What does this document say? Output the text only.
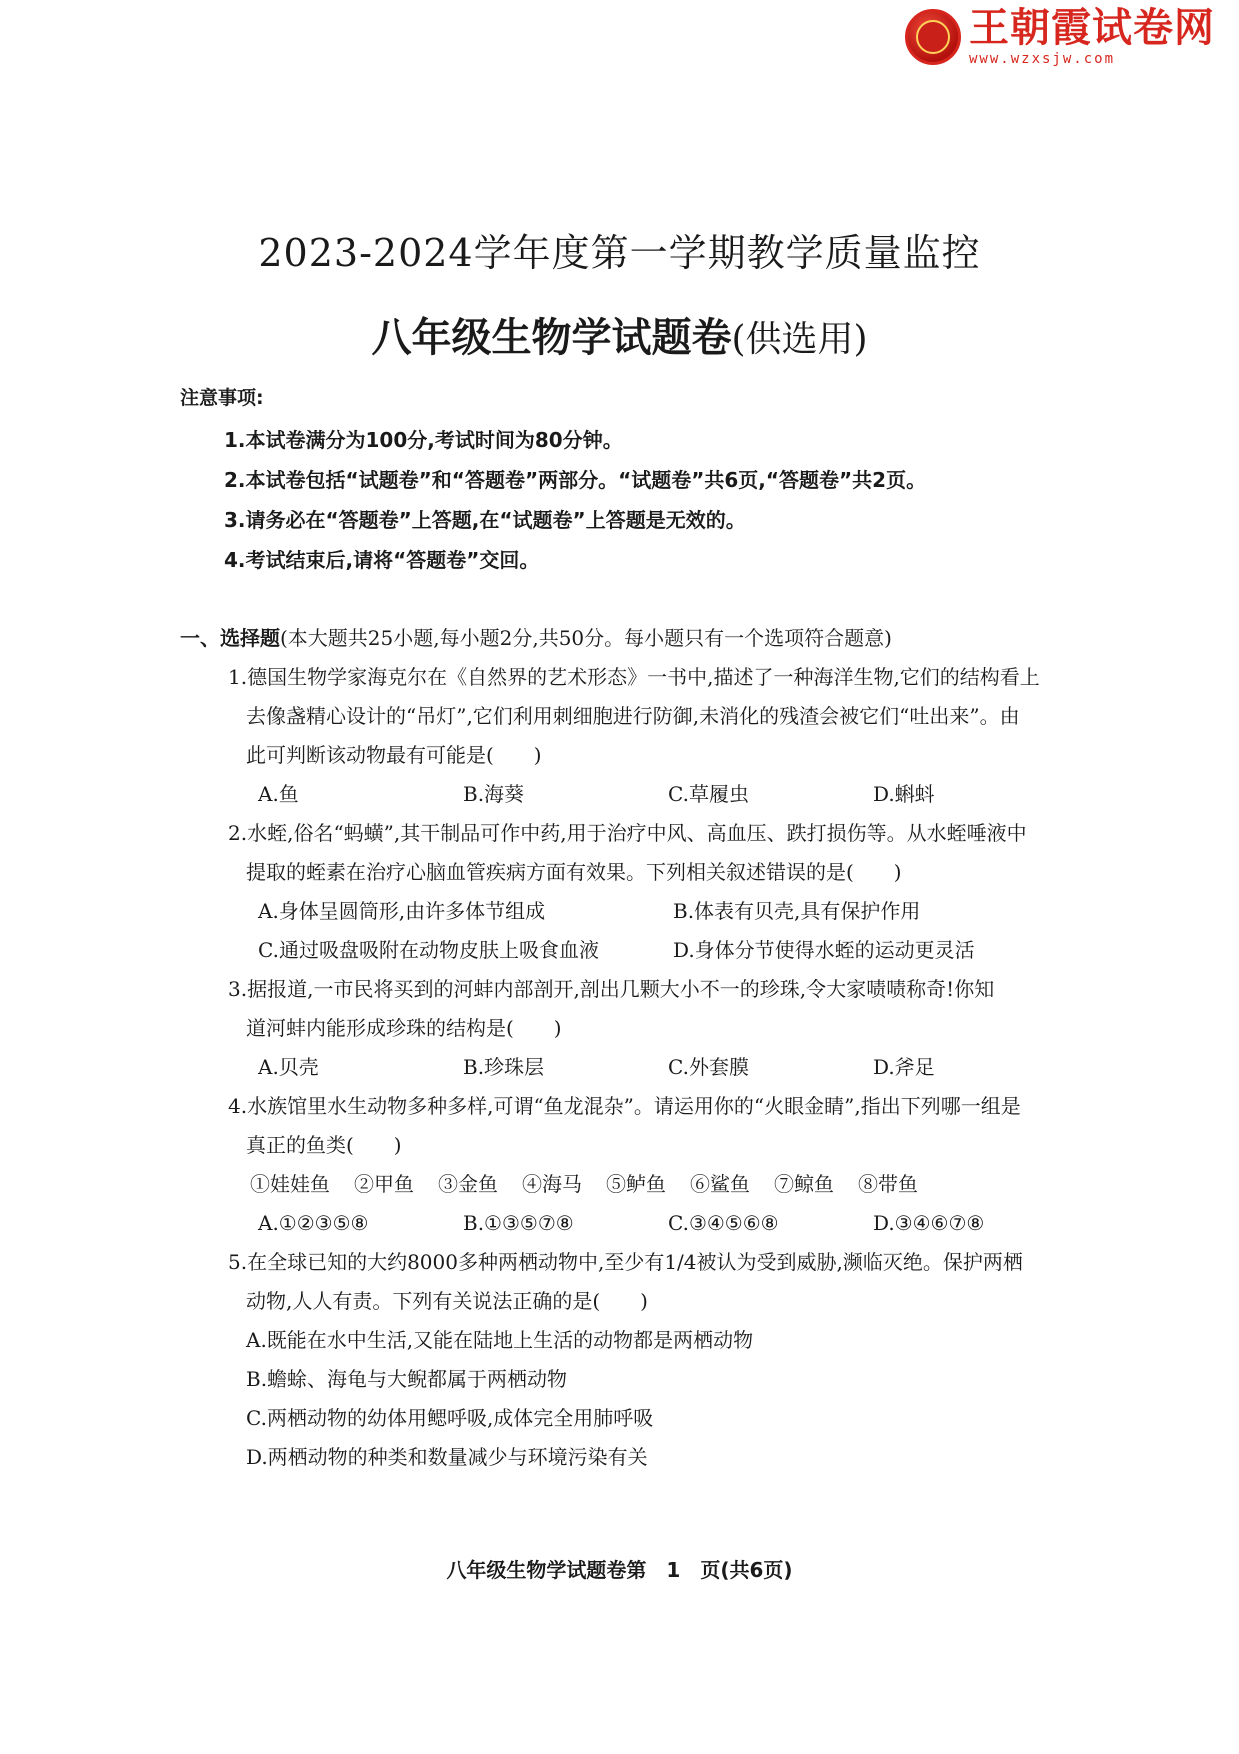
王朝霞试卷网
www.wzxsjw.com
2023-2024学年度第一学期教学质量监控
八年级生物学试题卷(供选用)
注意事项:
1.本试卷满分为100分,考试时间为80分钟。
2.本试卷包括“试题卷”和“答题卷”两部分。“试题卷”共6页,“答题卷”共2页。
3.请务必在“答题卷”上答题,在“试题卷”上答题是无效的。
4.考试结束后,请将“答题卷”交回。
一、选择题(本大题共25小题,每小题2分,共50分。每小题只有一个选项符合题意)
1.德国生物学家海克尔在《自然界的艺术形态》一书中,描述了一种海洋生物,它们的结构看上
去像盏精心设计的“吊灯”,它们利用刺细胞进行防御,未消化的残渣会被它们“吐出来”。由
此可判断该动物最有可能是(　　)
A.鱼	B.海葵	C.草履虫	D.蝌蚪
2.水蛭,俗名“蚂蟥”,其干制品可作中药,用于治疗中风、高血压、跌打损伤等。从水蛭唾液中
提取的蛭素在治疗心脑血管疾病方面有效果。下列相关叙述错误的是(　　)
A.身体呈圆筒形,由许多体节组成	B.体表有贝壳,具有保护作用
C.通过吸盘吸附在动物皮肤上吸食血液	D.身体分节使得水蛭的运动更灵活
3.据报道,一市民将买到的河蚌内部剖开,剖出几颗大小不一的珍珠,令大家啧啧称奇!你知
道河蚌内能形成珍珠的结构是(　　)
A.贝壳	B.珍珠层	C.外套膜	D.斧足
4.水族馆里水生动物多种多样,可谓“鱼龙混杂”。请运用你的“火眼金睛”,指出下列哪一组是
真正的鱼类(　　)
①娃娃鱼 ②甲鱼 ③金鱼 ④海马 ⑤鲈鱼 ⑥鲨鱼 ⑦鲸鱼 ⑧带鱼
A.①②③⑤⑧	B.①③⑤⑦⑧	C.③④⑤⑥⑧	D.③④⑥⑦⑧
5.在全球已知的大约8000多种两栖动物中,至少有1/4被认为受到威胁,濒临灭绝。保护两栖
动物,人人有责。下列有关说法正确的是(　　)
A.既能在水中生活,又能在陆地上生活的动物都是两栖动物
B.蟾蜍、海龟与大鲵都属于两栖动物
C.两栖动物的幼体用鳃呼吸,成体完全用肺呼吸
D.两栖动物的种类和数量减少与环境污染有关
八年级生物学试题卷第　1　页(共6页)
